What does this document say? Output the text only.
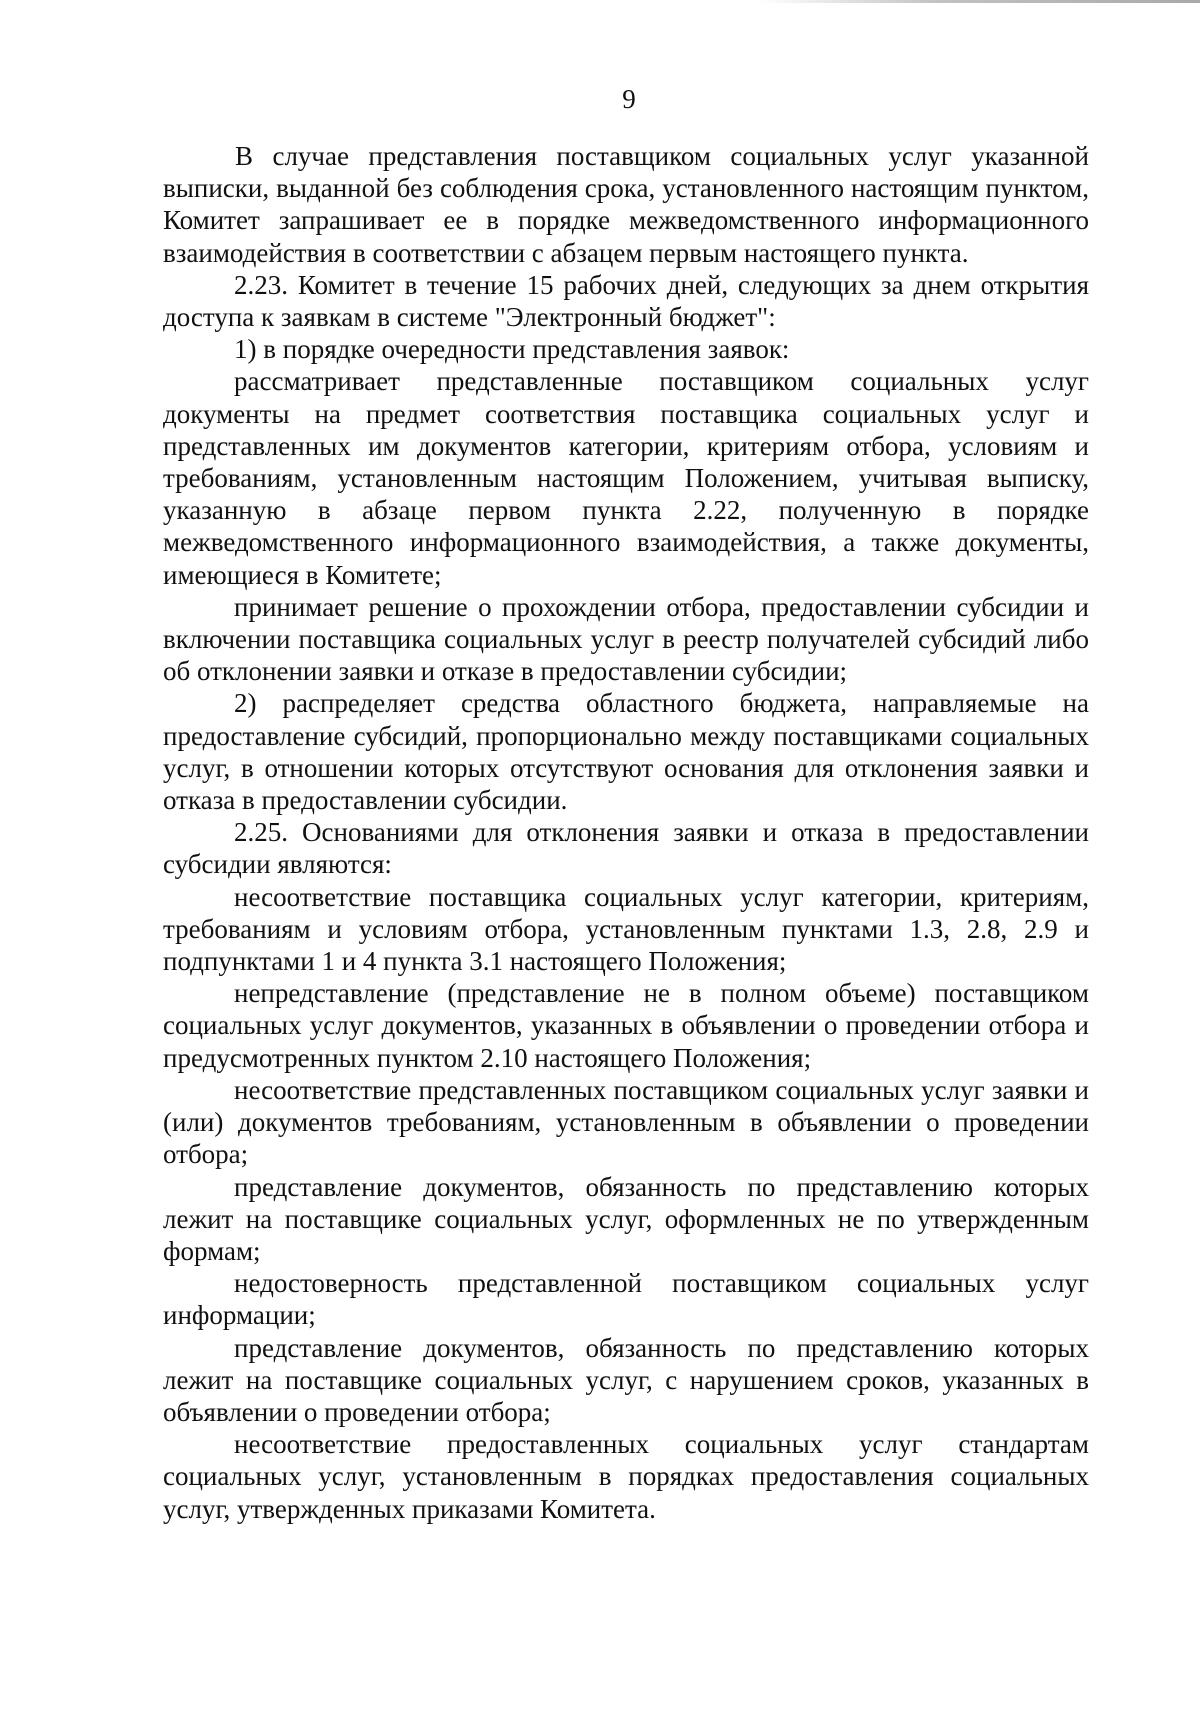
9

В случае представления поставщиком социальных услуг указанной выписки, выданной без соблюдения срока, установленного настоящим пунктом, Комитет запрашивает ее в порядке межведомственного информационного взаимодействия в соответствии с абзацем первым настоящего пункта.

2.23. Комитет в течение 15 рабочих дней, следующих за днем открытия доступа к заявкам в системе "Электронный бюджет":

1) в порядке очередности представления заявок:

рассматривает представленные поставщиком социальных услуг документы на предмет соответствия поставщика социальных услуг и представленных им документов категории, критериям отбора, условиям и требованиям, установленным настоящим Положением, учитывая выписку, указанную в абзаце первом пункта 2.22, полученную в порядке межведомственного информационного взаимодействия, а также документы, имеющиеся в Комитете;

принимает решение о прохождении отбора, предоставлении субсидии и включении поставщика социальных услуг в реестр получателей субсидий либо об отклонении заявки и отказе в предоставлении субсидии;

2) распределяет средства областного бюджета, направляемые на предоставление субсидий, пропорционально между поставщиками социальных услуг, в отношении которых отсутствуют основания для отклонения заявки и отказа в предоставлении субсидии.

2.25. Основаниями для отклонения заявки и отказа в предоставлении субсидии являются:

несоответствие поставщика социальных услуг категории, критериям, требованиям и условиям отбора, установленным пунктами 1.3, 2.8, 2.9 и подпунктами 1 и 4 пункта 3.1 настоящего Положения;

непредставление (представление не в полном объеме) поставщиком социальных услуг документов, указанных в объявлении о проведении отбора и предусмотренных пунктом 2.10 настоящего Положения;

несоответствие представленных поставщиком социальных услуг заявки и (или) документов требованиям, установленным в объявлении о проведении отбора;

представление документов, обязанность по представлению которых лежит на поставщике социальных услуг, оформленных не по утвержденным формам;

недостоверность представленной поставщиком социальных услуг информации;

представление документов, обязанность по представлению которых лежит на поставщике социальных услуг, с нарушением сроков, указанных в объявлении о проведении отбора;

несоответствие предоставленных социальных услуг стандартам социальных услуг, установленным в порядках предоставления социальных услуг, утвержденных приказами Комитета.
